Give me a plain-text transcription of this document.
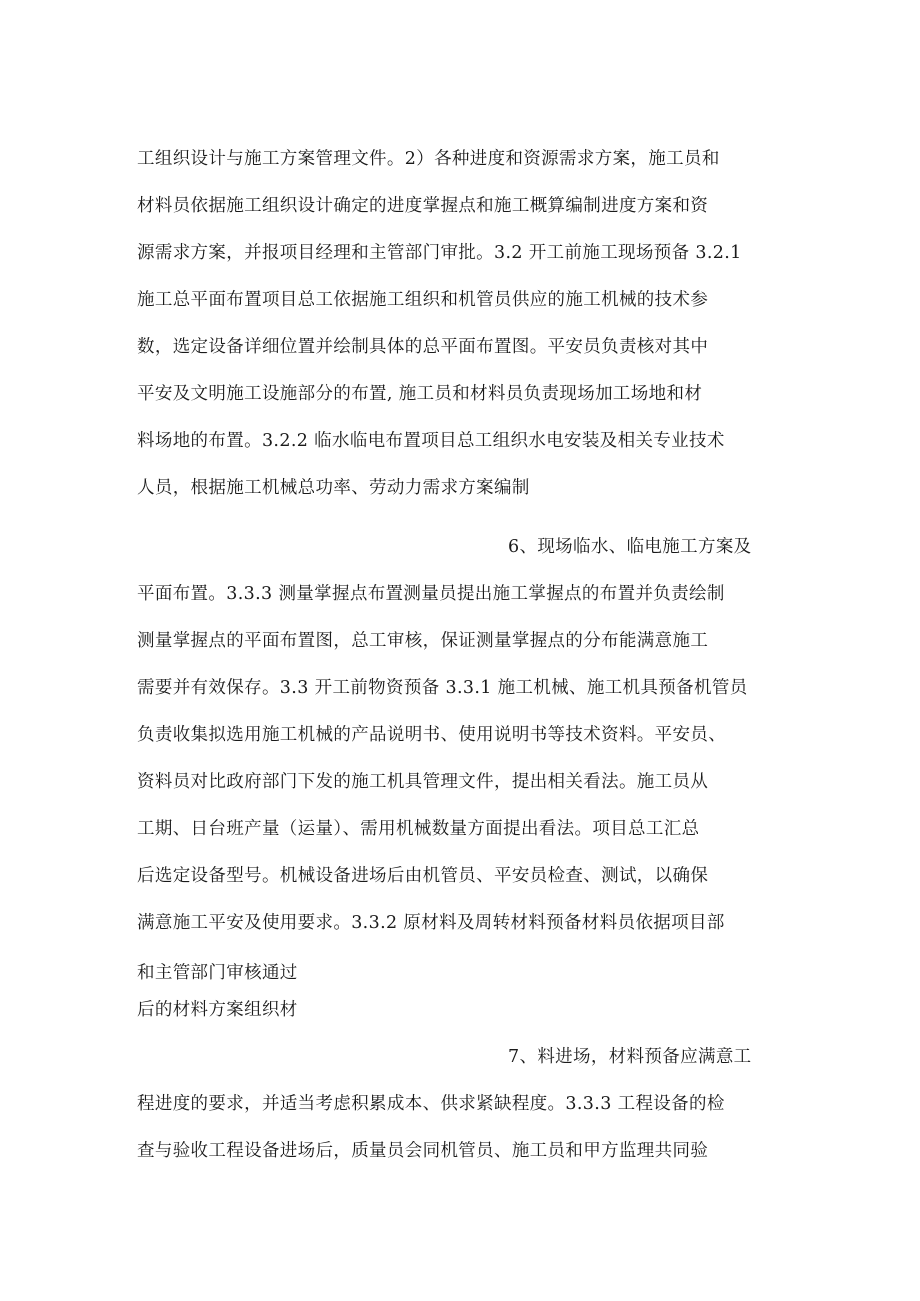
工组织设计与施工方案管理文件。2）各种进度和资源需求方案，施工员和
材料员依据施工组织设计确定的进度掌握点和施工概算编制进度方案和资
源需求方案，并报项目经理和主管部门审批。3.2 开工前施工现场预备 3.2.1
施工总平面布置项目总工依据施工组织和机管员供应的施工机械的技术参
数，选定设备详细位置并绘制具体的总平面布置图。平安员负责核对其中
平安及文明施工设施部分的布置, 施工员和材料员负责现场加工场地和材
料场地的布置。3.2.2 临水临电布置项目总工组织水电安装及相关专业技术
人员，根据施工机械总功率、劳动力需求方案编制
6、现场临水、临电施工方案及
平面布置。3.3.3 测量掌握点布置测量员提出施工掌握点的布置并负责绘制
测量掌握点的平面布置图，总工审核，保证测量掌握点的分布能满意施工
需要并有效保存。3.3 开工前物资预备 3.3.1 施工机械、施工机具预备机管员
负责收集拟选用施工机械的产品说明书、使用说明书等技术资料。平安员、
资料员对比政府部门下发的施工机具管理文件，提出相关看法。施工员从
工期、日台班产量（运量）、需用机械数量方面提出看法。项目总工汇总
后选定设备型号。机械设备进场后由机管员、平安员检查、测试，以确保
满意施工平安及使用要求。3.3.2 原材料及周转材料预备材料员依据项目部
和主管部门审核通过
后的材料方案组织材
7、料进场，材料预备应满意工
程进度的要求，并适当考虑积累成本、供求紧缺程度。3.3.3 工程设备的检
查与验收工程设备进场后，质量员会同机管员、施工员和甲方监理共同验
